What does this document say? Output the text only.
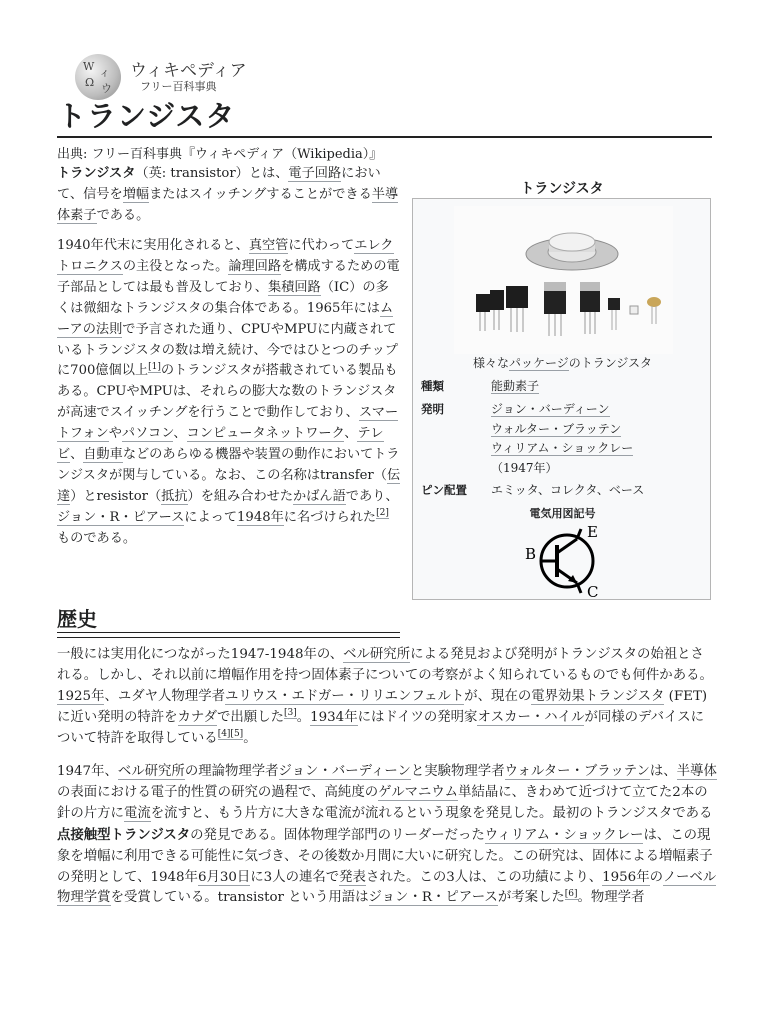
W ィ
Ω ウ
ウィキペディア
フリー百科事典
トランジスタ
出典: フリー百科事典『ウィキペディア（Wikipedia）』
トランジスタ（英: transistor）とは、電子回路において、信号を増幅またはスイッチングすることができる半導体素子である。
1940年代末に実用化されると、真空管に代わってエレクトロニクスの主役となった。論理回路を構成するための電子部品としては最も普及しており、集積回路（IC）の多くは微細なトランジスタの集合体である。1965年にはムーアの法則で予言された通り、CPUやMPUに内蔵されているトランジスタの数は増え続け、今ではひとつのチップに700億個以上[1]のトランジスタが搭載されている製品もある。CPUやMPUは、それらの膨大な数のトランジスタが高速でスイッチングを行うことで動作しており、スマートフォンやパソコン、コンピュータネットワーク、テレビ、自動車などのあらゆる機器や装置の動作においてトランジスタが関与している。なお、この名称はtransfer（伝達）とresistor（抵抗）を組み合わせたかばん語であり、ジョン・R・ピアースによって1948年に名づけられた[2]ものである。
歴史
一般には実用化につながった1947-1948年の、ベル研究所による発見および発明がトランジスタの始祖とされる。しかし、それ以前に増幅作用を持つ固体素子についての考察がよく知られているものでも何件かある。1925年、ユダヤ人物理学者ユリウス・エドガー・リリエンフェルトが、現在の電界効果トランジスタ (FET) に近い発明の特許をカナダで出願した[3]。1934年にはドイツの発明家オスカー・ハイルが同様のデバイスについて特許を取得している[4][5]。
1947年、ベル研究所の理論物理学者ジョン・バーディーンと実験物理学者ウォルター・ブラッテンは、半導体の表面における電子的性質の研究の過程で、高純度のゲルマニウム単結晶に、きわめて近づけて立てた2本の針の片方に電流を流すと、もう片方に大きな電流が流れるという現象を発見した。最初のトランジスタである点接触型トランジスタの発見である。固体物理学部門のリーダーだったウィリアム・ショックレーは、この現象を増幅に利用できる可能性に気づき、その後数か月間に大いに研究した。この研究は、固体による増幅素子の発明として、1948年6月30日に3人の連名で発表された。この3人は、この功績により、1956年のノーベル物理学賞を受賞している。transistor という用語はジョン・R・ピアースが考案した[6]。物理学者
トランジスタ
様々なパッケージのトランジスタ
種類	能動素子
発明	ジョン・バーディーン
ウォルター・ブラッテン
ウィリアム・ショックレー
（1947年）
ピン配置	エミッタ、コレクタ、ベース
電気用図記号
B
C
E
